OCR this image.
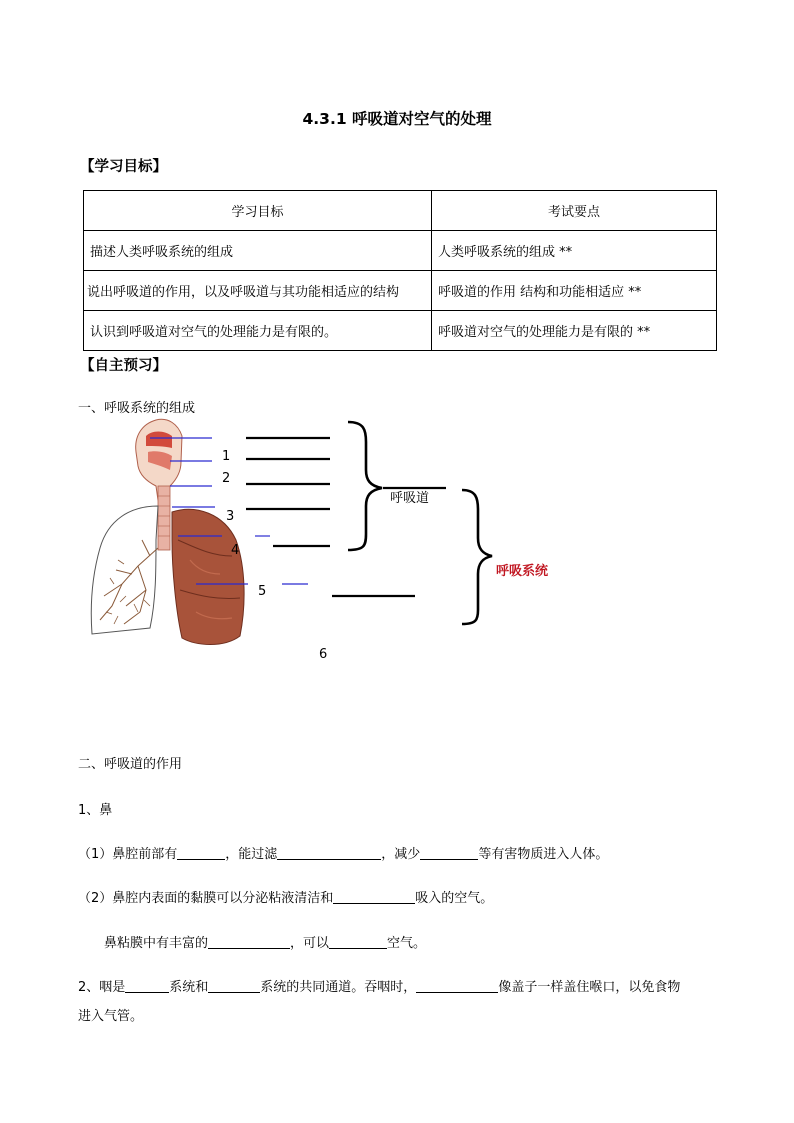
4.3.1 呼吸道对空气的处理
【学习目标】
学习目标	考试要点
描述人类呼吸系统的组成	人类呼吸系统的组成 **
说出呼吸道的作用，以及呼吸道与其功能相适应的结构	呼吸道的作用 结构和功能相适应 **
认识到呼吸道对空气的处理能力是有限的。	呼吸道对空气的处理能力是有限的 **
【自主预习】
一、呼吸系统的组成
1
2
3
4
5
6
呼吸道
呼吸系统
二、呼吸道的作用
1、鼻
（1）鼻腔前部有	，能过滤	，减少	等有害物质进入人体。
（2）鼻腔内表面的黏膜可以分泌粘液清洁和	吸入的空气。
鼻粘膜中有丰富的	，可以	空气。
2、咽是	系统和	系统的共同通道。吞咽时，	像盖子一样盖住喉口，以免食物
进入气管。
